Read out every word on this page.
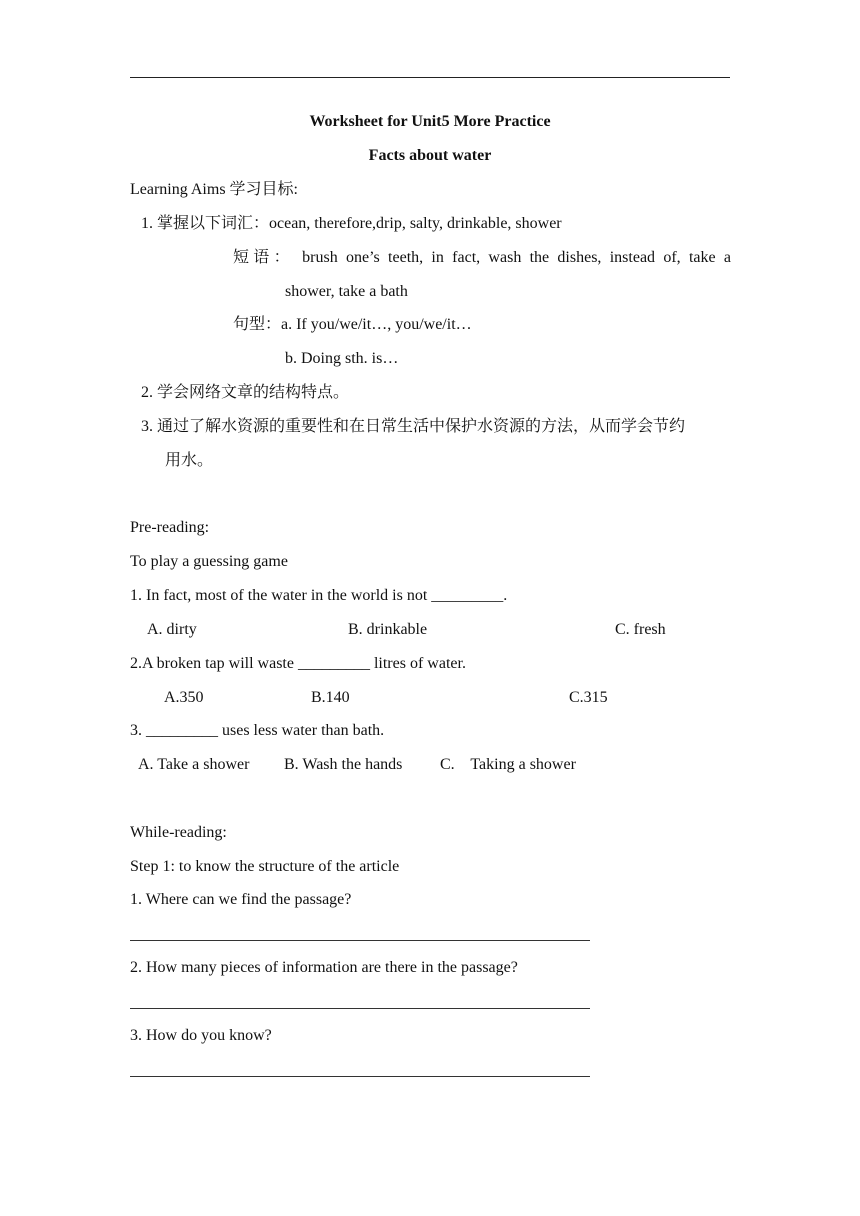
Worksheet for Unit5 More Practice
Facts about water
Learning Aims 学习目标:
1. 掌握以下词汇：ocean, therefore,drip, salty, drinkable, shower
短语： brush one’s teeth, in fact, wash the dishes, instead of, take a
shower, take a bath
句型：a. If you/we/it…, you/we/it…
b. Doing sth. is…
2. 学会网络文章的结构特点。
3. 通过了解水资源的重要性和在日常生活中保护水资源的方法，从而学会节约
用水。
Pre-reading:
To play a guessing game
1. In fact, most of the water in the world is not _________.
A. dirty	B. drinkable	C. fresh
2.A broken tap will waste _________ litres of water.
A.350	B.140	C.315
3. _________ uses less water than bath.
A. Take a shower B. Wash the hands C.    Taking a shower
While-reading:
Step 1: to know the structure of the article
1. Where can we find the passage?
2. How many pieces of information are there in the passage?
3. How do you know?
